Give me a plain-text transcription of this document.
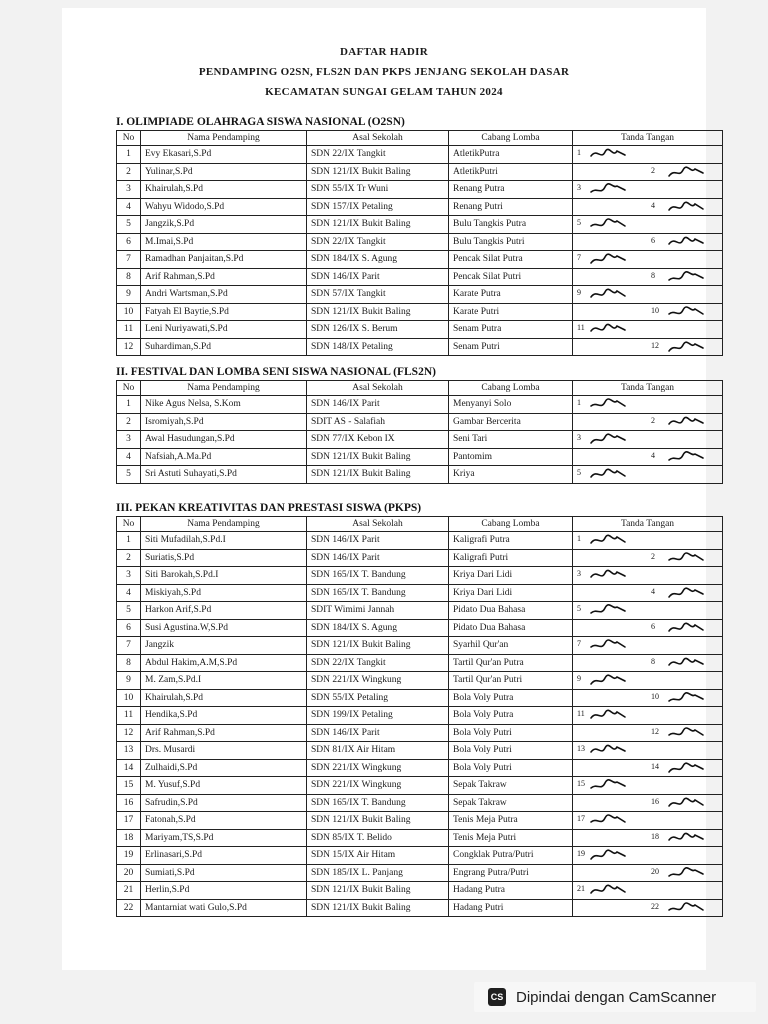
DAFTAR HADIR
PENDAMPING O2SN, FLS2N DAN PKPS JENJANG SEKOLAH DASAR
KECAMATAN SUNGAI GELAM TAHUN 2024
I. OLIMPIADE OLAHRAGA SISWA NASIONAL (O2SN)
No	Nama Pendamping	Asal Sekolah	Cabang Lomba	Tanda Tangan
1	Evy Ekasari,S.Pd	SDN 22/IX Tangkit	AtletikPutra	1

2	Yulinar,S.Pd	SDN 121/IX Bukit Baling	AtletikPutri	2

3	Khairulah,S.Pd	SDN 55/IX Tr Wuni	Renang Putra	3

4	Wahyu Widodo,S.Pd	SDN 157/IX Petaling	Renang Putri	4

5	Jangzik,S.Pd	SDN 121/IX Bukit Baling	Bulu Tangkis Putra	5

6	M.Imai,S.Pd	SDN 22/IX Tangkit	Bulu Tangkis Putri	6

7	Ramadhan Panjaitan,S.Pd	SDN 184/IX S. Agung	Pencak Silat Putra	7

8	Arif Rahman,S.Pd	SDN 146/IX Parit	Pencak Silat Putri	8

9	Andri Wartsman,S.Pd	SDN 57/IX Tangkit	Karate Putra	9

10	Fatyah El Baytie,S.Pd	SDN 121/IX Bukit Baling	Karate Putri	10

11	Leni Nuriyawati,S.Pd	SDN 126/IX S. Berum	Senam Putra	11

12	Suhardiman,S.Pd	SDN 148/IX Petaling	Senam Putri	12
II. FESTIVAL DAN LOMBA SENI SISWA NASIONAL (FLS2N)
No	Nama Pendamping	Asal Sekolah	Cabang Lomba	Tanda Tangan
1	Nike Agus Nelsa, S.Kom	SDN 146/IX Parit	Menyanyi Solo	1

2	Isromiyah,S.Pd	SDIT AS - Salafiah	Gambar Bercerita	2

3	Awal Hasudungan,S.Pd	SDN 77/IX Kebon IX	Seni Tari	3

4	Nafsiah,A.Ma.Pd	SDN 121/IX Bukit Baling	Pantomim	4

5	Sri Astuti Suhayati,S.Pd	SDN 121/IX Bukit Baling	Kriya	5
III. PEKAN KREATIVITAS DAN PRESTASI SISWA (PKPS)
No	Nama Pendamping	Asal Sekolah	Cabang Lomba	Tanda Tangan
1	Siti Mufadilah,S.Pd.I	SDN 146/IX Parit	Kaligrafi Putra	1

2	Suriatis,S.Pd	SDN 146/IX Parit	Kaligrafi Putri	2

3	Siti Barokah,S.Pd.I	SDN 165/IX T. Bandung	Kriya Dari Lidi	3

4	Miskiyah,S.Pd	SDN 165/IX T. Bandung	Kriya Dari Lidi	4

5	Harkon Arif,S.Pd	SDIT Wimimi Jannah	Pidato Dua Bahasa	5

6	Susi Agustina.W,S.Pd	SDN 184/IX S. Agung	Pidato Dua Bahasa	6

7	Jangzik	SDN 121/IX Bukit Baling	Syarhil Qur'an	7

8	Abdul Hakim,A.M,S.Pd	SDN 22/IX Tangkit	Tartil Qur'an Putra	8

9	M. Zam,S.Pd.I	SDN 221/IX Wingkung	Tartil Qur'an Putri	9

10	Khairulah,S.Pd	SDN 55/IX Petaling	Bola Voly Putra	10

11	Hendika,S.Pd	SDN 199/IX Petaling	Bola Voly Putra	11

12	Arif Rahman,S.Pd	SDN 146/IX Parit	Bola Voly Putri	12

13	Drs. Musardi	SDN 81/IX Air Hitam	Bola Voly Putri	13

14	Zulhaidi,S.Pd	SDN 221/IX Wingkung	Bola Voly Putri	14

15	M. Yusuf,S.Pd	SDN 221/IX Wingkung	Sepak Takraw	15

16	Safrudin,S.Pd	SDN 165/IX T. Bandung	Sepak Takraw	16

17	Fatonah,S.Pd	SDN 121/IX Bukit Baling	Tenis Meja Putra	17

18	Mariyam,TS,S.Pd	SDN 85/IX T. Belido	Tenis Meja Putri	18

19	Erlinasari,S.Pd	SDN 15/IX Air Hitam	Congklak Putra/Putri	19

20	Sumiati,S.Pd	SDN 185/IX L. Panjang	Engrang Putra/Putri	20

21	Herlin,S.Pd	SDN 121/IX Bukit Baling	Hadang Putra	21

22	Mantarniat wati Gulo,S.Pd	SDN 121/IX Bukit Baling	Hadang Putri	22
CS Dipindai dengan CamScanner
